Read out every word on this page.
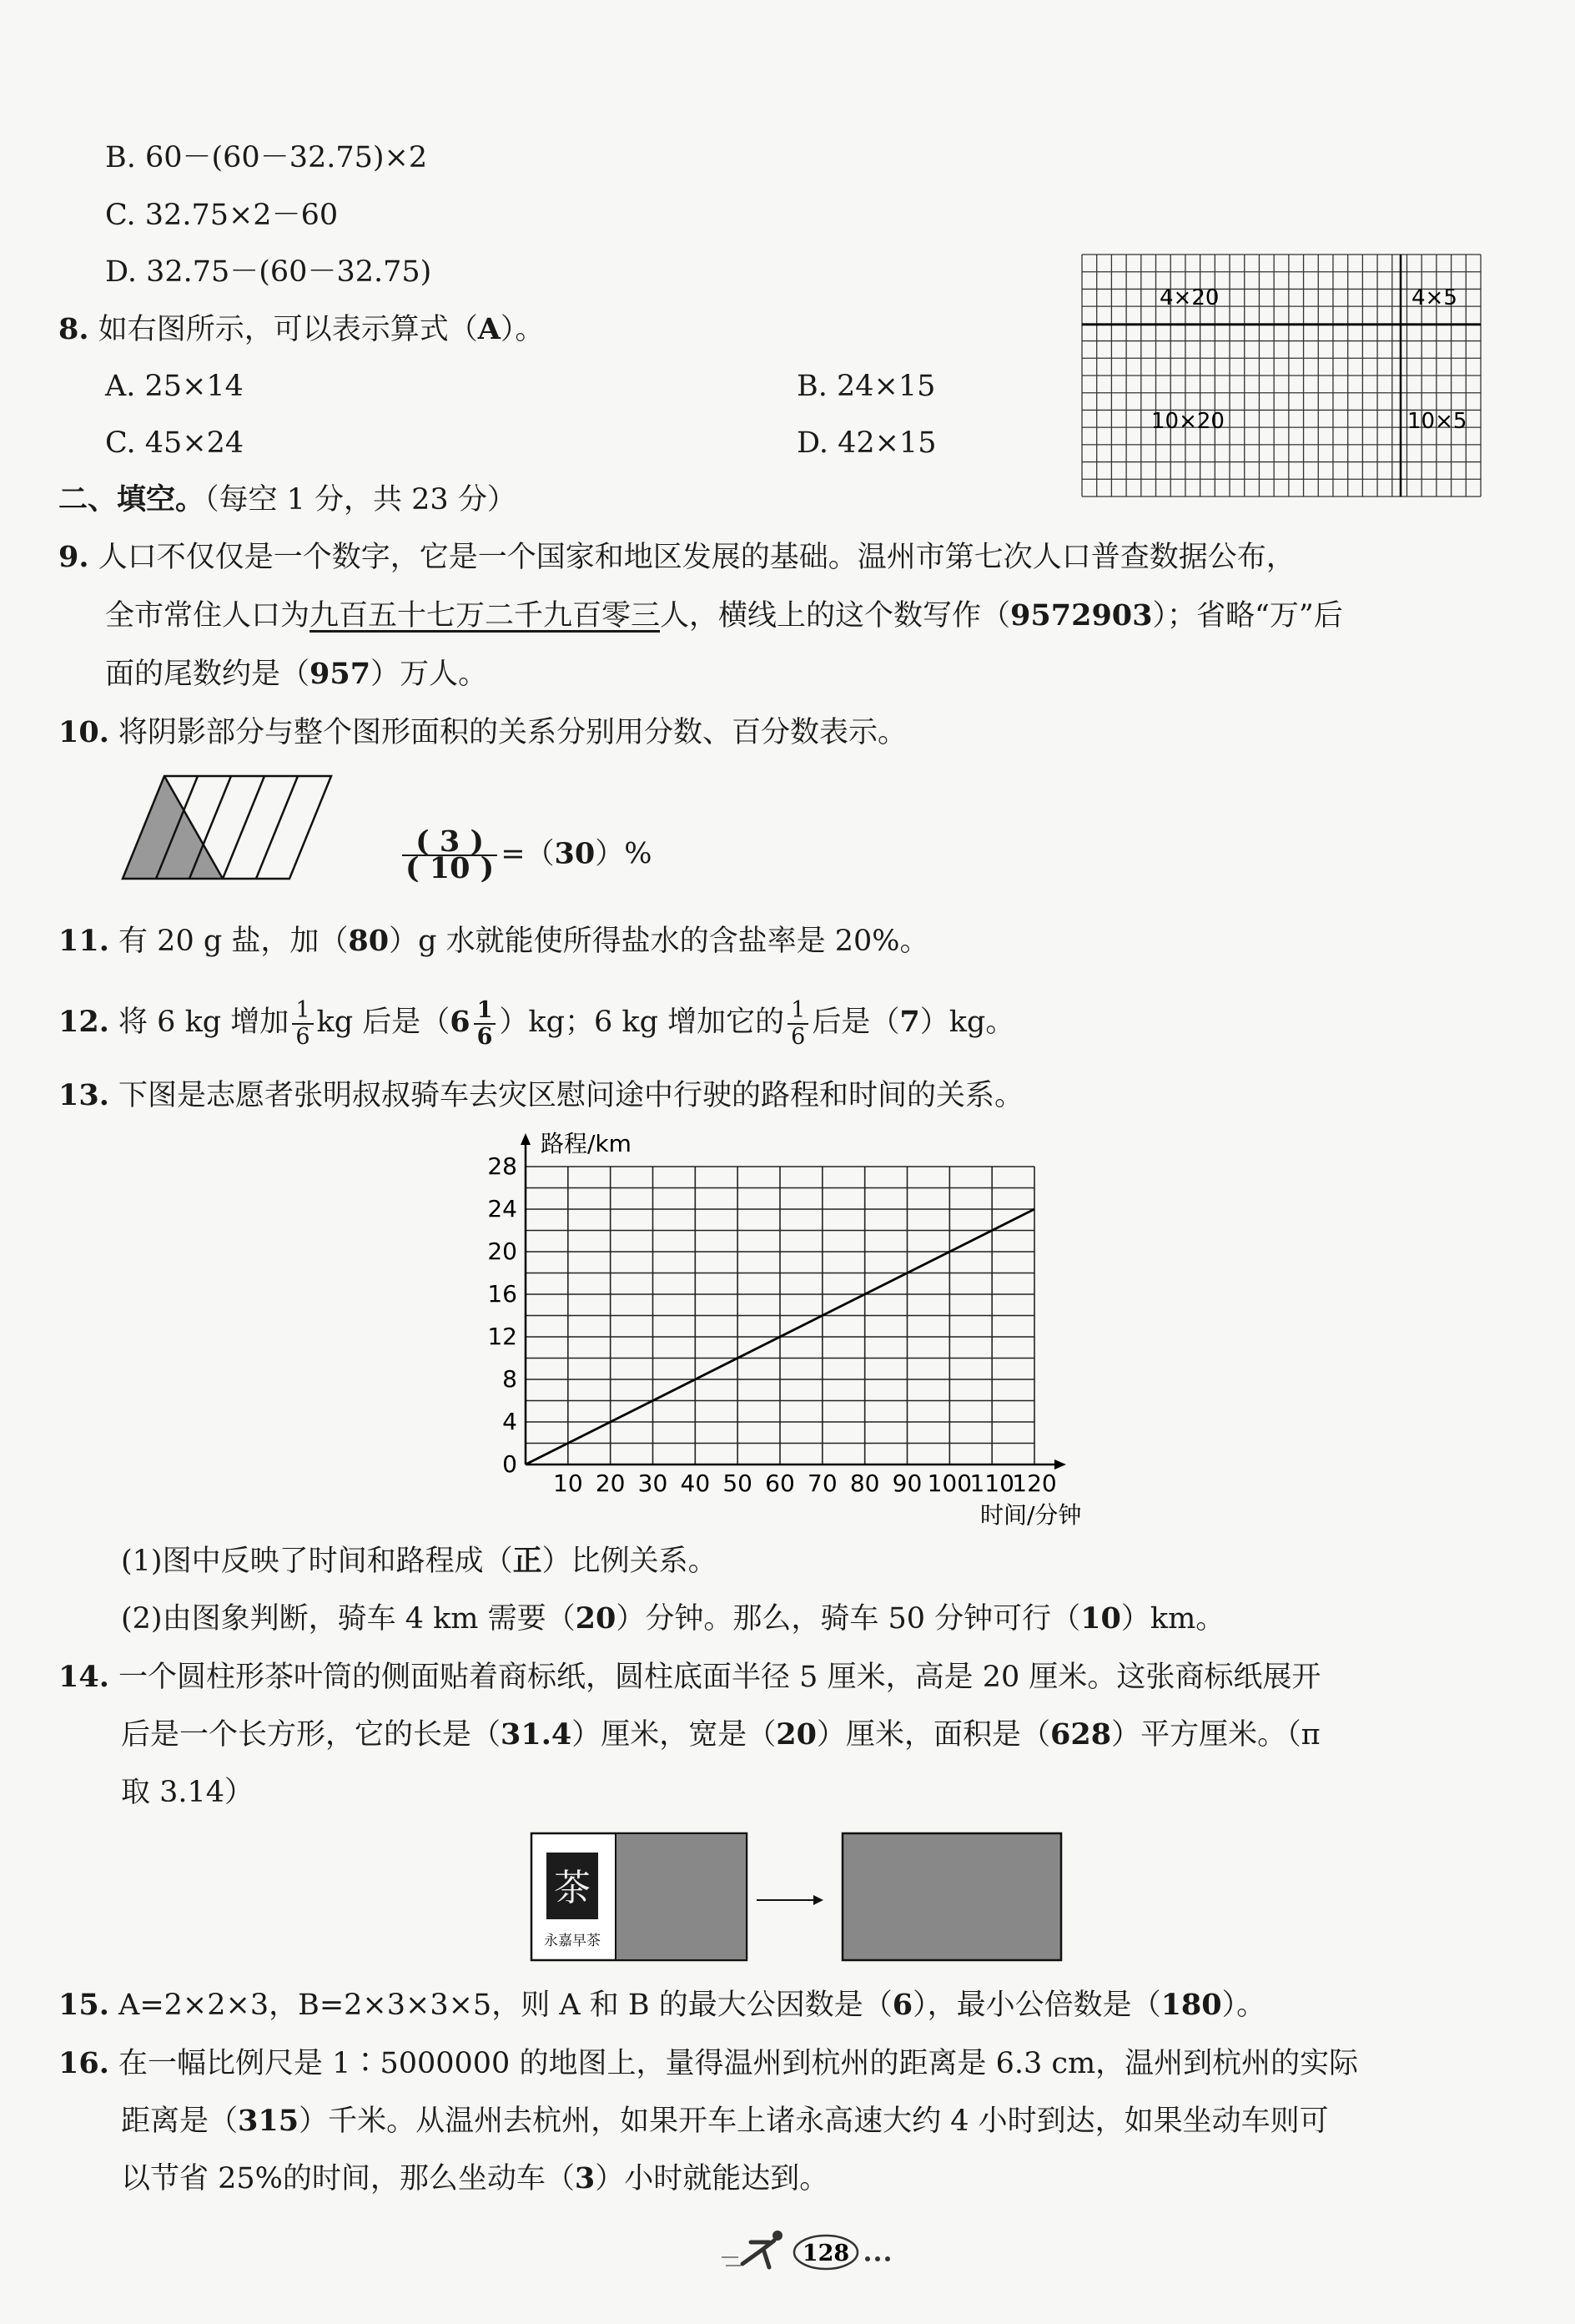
B. 60－(60－32.75)×2
C. 32.75×2－60
D. 32.75－(60－32.75)
8. 如右图所示，可以表示算式（A）。
A. 25×14	B. 24×15
C. 45×24	D. 42×15
4×20	4×5
10×20	10×5
二、填空。（每空 1 分，共 23 分）
9. 人口不仅仅是一个数字，它是一个国家和地区发展的基础。温州市第七次人口普查数据公布，
全市常住人口为九百五十七万二千九百零三人，横线上的这个数写作（9572903）；省略“万”后
面的尾数约是（957）万人。
10. 将阴影部分与整个图形面积的关系分别用分数、百分数表示。
$\frac{( 3 )}{( 10 )} =(30)\%$
11. 有 20 g 盐，加（80）g 水就能使所得盐水的含盐率是 20%。
12. 将 6 kg 增加 $\frac{1}{6}$ kg 后是$(6 \frac{1}{6} )kg$；6 kg 增加它的 $\frac{1}{6}$ 后是（7）kg。
13. 下图是志愿者张明叔叔骑车去灾区慰问途中行驶的路程和时间的关系。
28
24
20
16
12
8
4
0
10 20 30 40 50 60 70 80 90 100
110
120
路程/km
时间/分钟
(1)图中反映了时间和路程成（正）比例关系。
(2)由图象判断，骑车 4 km 需要（20）分钟。那么，骑车 50 分钟可行（10）km。
14. 一个圆柱形茶叶筒的侧面贴着商标纸，圆柱底面半径 5 厘米，高是 20 厘米。这张商标纸展开
后是一个长方形，它的长是（31.4）厘米，宽是（20）厘米，面积是（628）平方厘米。（π
取 3.14）
茶
永嘉早茶
15. A=2×2×3，B=2×3×3×5，则 A 和 B 的最大公因数是（6），最小公倍数是（180）。
16. 在一幅比例尺是 1∶5000000 的地图上，量得温州到杭州的距离是 6.3 cm，温州到杭州的实际
距离是（315）千米。从温州去杭州，如果开车上诸永高速大约 4 小时到达，如果坐动车则可
以节省 25%的时间，那么坐动车（3）小时就能达到。
128
